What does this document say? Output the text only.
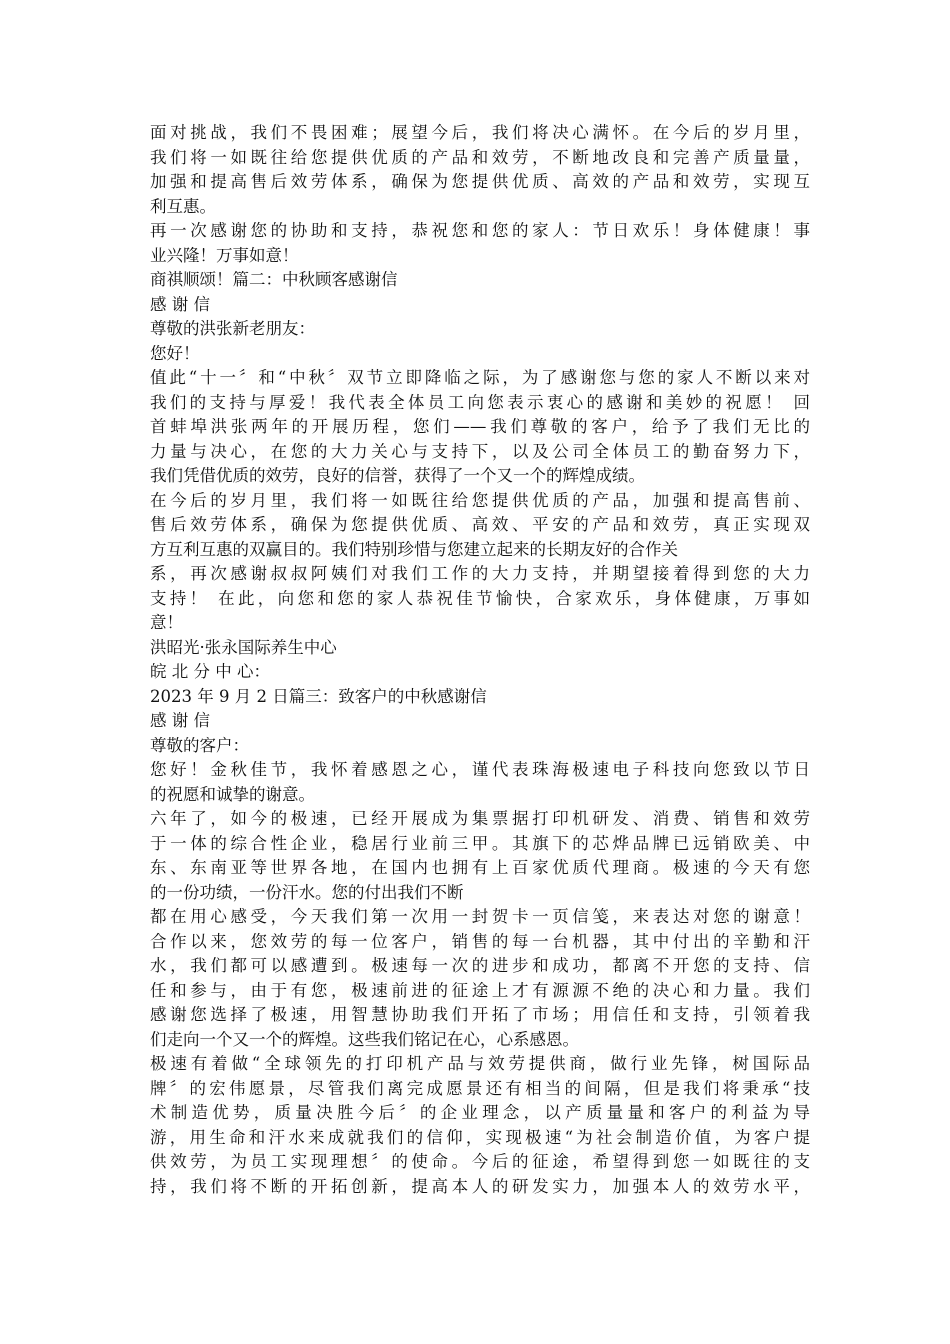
面对挑战，我们不畏困难；展望今后，我们将决心满怀。在今后的岁月里，
我们将一如既往给您提供优质的产品和效劳，不断地改良和完善产质量量，
加强和提高售后效劳体系，确保为您提供优质、高效的产品和效劳，实现互
利互惠。
再一次感谢您的协助和支持，恭祝您和您的家人：节日欢乐！身体健康！事
业兴隆！万事如意！
商祺顺颂！篇二：中秋顾客感谢信
感 谢 信
尊敬的洪张新老朋友：
您好！
值此“十一〞和“中秋〞双节立即降临之际，为了感谢您与您的家人不断以来对
我们的支持与厚爱！我代表全体员工向您表示衷心的感谢和美妙的祝愿！ 回
首蚌埠洪张两年的开展历程，您们——我们尊敬的客户，给予了我们无比的
力量与决心，在您的大力关心与支持下，以及公司全体员工的勤奋努力下，
我们凭借优质的效劳，良好的信誉，获得了一个又一个的辉煌成绩。
在今后的岁月里，我们将一如既往给您提供优质的产品，加强和提高售前、
售后效劳体系，确保为您提供优质、高效、平安的产品和效劳，真正实现双
方互利互惠的双赢目的。我们特别珍惜与您建立起来的长期友好的合作关
系，再次感谢叔叔阿姨们对我们工作的大力支持，并期望接着得到您的大力
支持！ 在此，向您和您的家人恭祝佳节愉快，合家欢乐，身体健康，万事如
意！
洪昭光·张永国际养生中心
皖 北 分 中 心：
2023 年 9 月 2 日篇三：致客户的中秋感谢信
感 谢 信
尊敬的客户：
您好！金秋佳节，我怀着感恩之心，谨代表珠海极速电子科技向您致以节日
的祝愿和诚挚的谢意。
六年了，如今的极速，已经开展成为集票据打印机研发、消费、销售和效劳
于一体的综合性企业，稳居行业前三甲。其旗下的芯烨品牌已远销欧美、中
东、东南亚等世界各地，在国内也拥有上百家优质代理商。极速的今天有您
的一份功绩，一份汗水。您的付出我们不断
都在用心感受，今天我们第一次用一封贺卡一页信笺，来表达对您的谢意！
合作以来，您效劳的每一位客户，销售的每一台机器，其中付出的辛勤和汗
水，我们都可以感遭到。极速每一次的进步和成功，都离不开您的支持、信
任和参与，由于有您，极速前进的征途上才有源源不绝的决心和力量。我们
感谢您选择了极速，用智慧协助我们开拓了市场；用信任和支持，引领着我
们走向一个又一个的辉煌。这些我们铭记在心，心系感恩。
极速有着做“全球领先的打印机产品与效劳提供商，做行业先锋，树国际品
牌〞的宏伟愿景，尽管我们离完成愿景还有相当的间隔，但是我们将秉承“技
术制造优势，质量决胜今后〞的企业理念，以产质量量和客户的利益为导
游，用生命和汗水来成就我们的信仰，实现极速“为社会制造价值，为客户提
供效劳，为员工实现理想〞的使命。今后的征途，希望得到您一如既往的支
持，我们将不断的开拓创新，提高本人的研发实力，加强本人的效劳水平，
